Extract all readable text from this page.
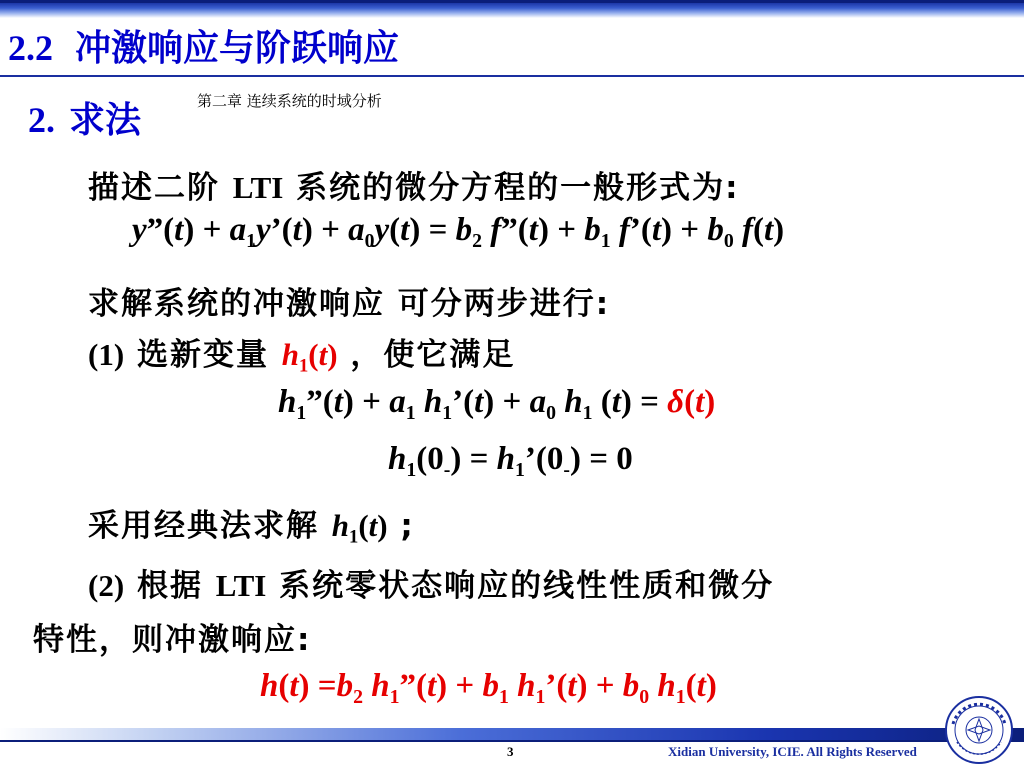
2.2 冲激响应与阶跃响应
2. 求法	第二章 连续系统的时域分析
描述二阶 LTI 系统的微分方程的一般形式为:
y”(t) + $a_1y’(t) + a_0y(t) = b_2$ f”(t) + $b_1$ f’(t) + $b_0$ f(t)
求解系统的冲激响应 可分两步进行:
(1) 选新变量 $h_1(t)$ ，使它满足
$h_1”(t) + a_1$ $h_1’(t) + a_0$ $h_1$ (t) = δ(t)
$h_1(0_-)$ = $h_1’(0_-) = 0$
采用经典法求解 $h_1(t)$ ;
(2) 根据 LTI 系统零状态响应的线性性质和微分
特性，则冲激响应:
$h(t) =b_2$ $h_1”(t) + b_1$ $h_1’(t) + b_0$ $h_1(t)$
3	Xidian University, ICIE. All Rights Reserved
